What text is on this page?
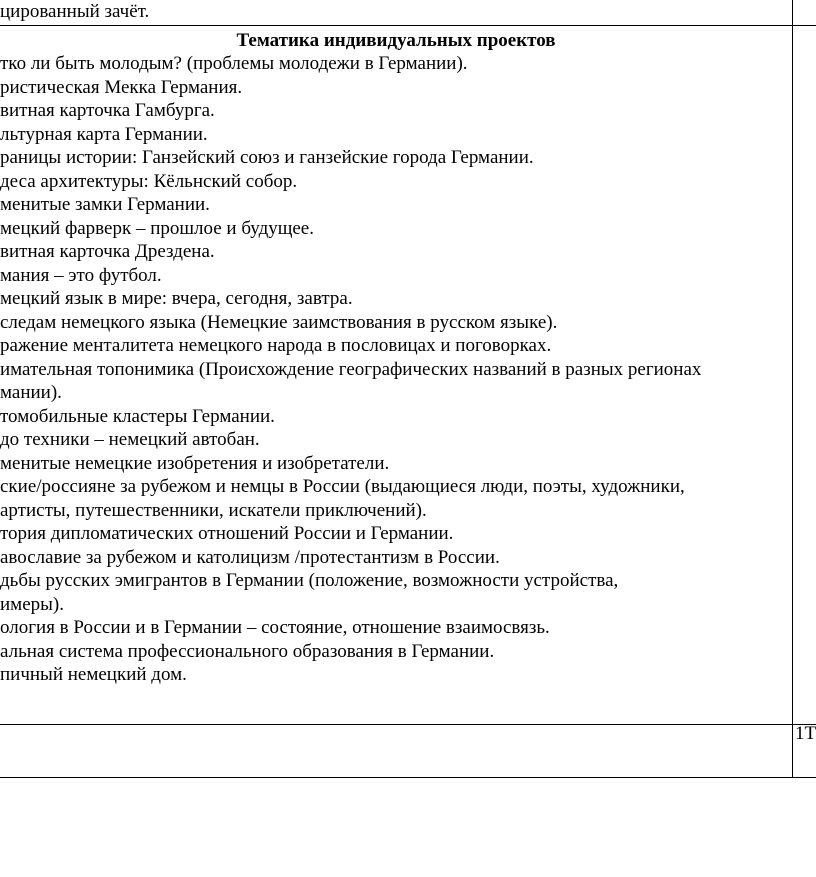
цированный зачёт.
Тематика индивидуальных проектов
тко ли быть молодым? (проблемы молодежи в Германии).
ристическая Мекка Германия.
витная карточка Гамбурга.
льтурная карта Германии.
раницы истории: Ганзейский союз и ганзейские города Германии.
деса архитектуры: Кёльнский собор.
менитые замки Германии.
мецкий фарверк – прошлое и будущее.
витная карточка Дрездена.
мания – это футбол.
мецкий язык в мире: вчера, сегодня, завтра.
следам немецкого языка (Немецкие заимствования в русском языке).
ражение менталитета немецкого народа в пословицах и поговорках.
имательная топонимика (Происхождение географических названий в разных регионах
мании).
томобильные кластеры Германии.
до техники – немецкий автобан.
менитые немецкие изобретения и изобретатели.
ские/россияне за рубежом и немцы в России (выдающиеся люди, поэты, художники,
артисты, путешественники, искатели приключений).
тория дипломатических отношений России и Германии.
авославие за рубежом и католицизм /протестантизм в России.
дьбы русских эмигрантов в Германии (положение, возможности устройства,
имеры).
ология в России и в Германии – состояние, отношение взаимосвязь.
альная система профессионального образования в Германии.
пичный немецкий дом.
1Т
